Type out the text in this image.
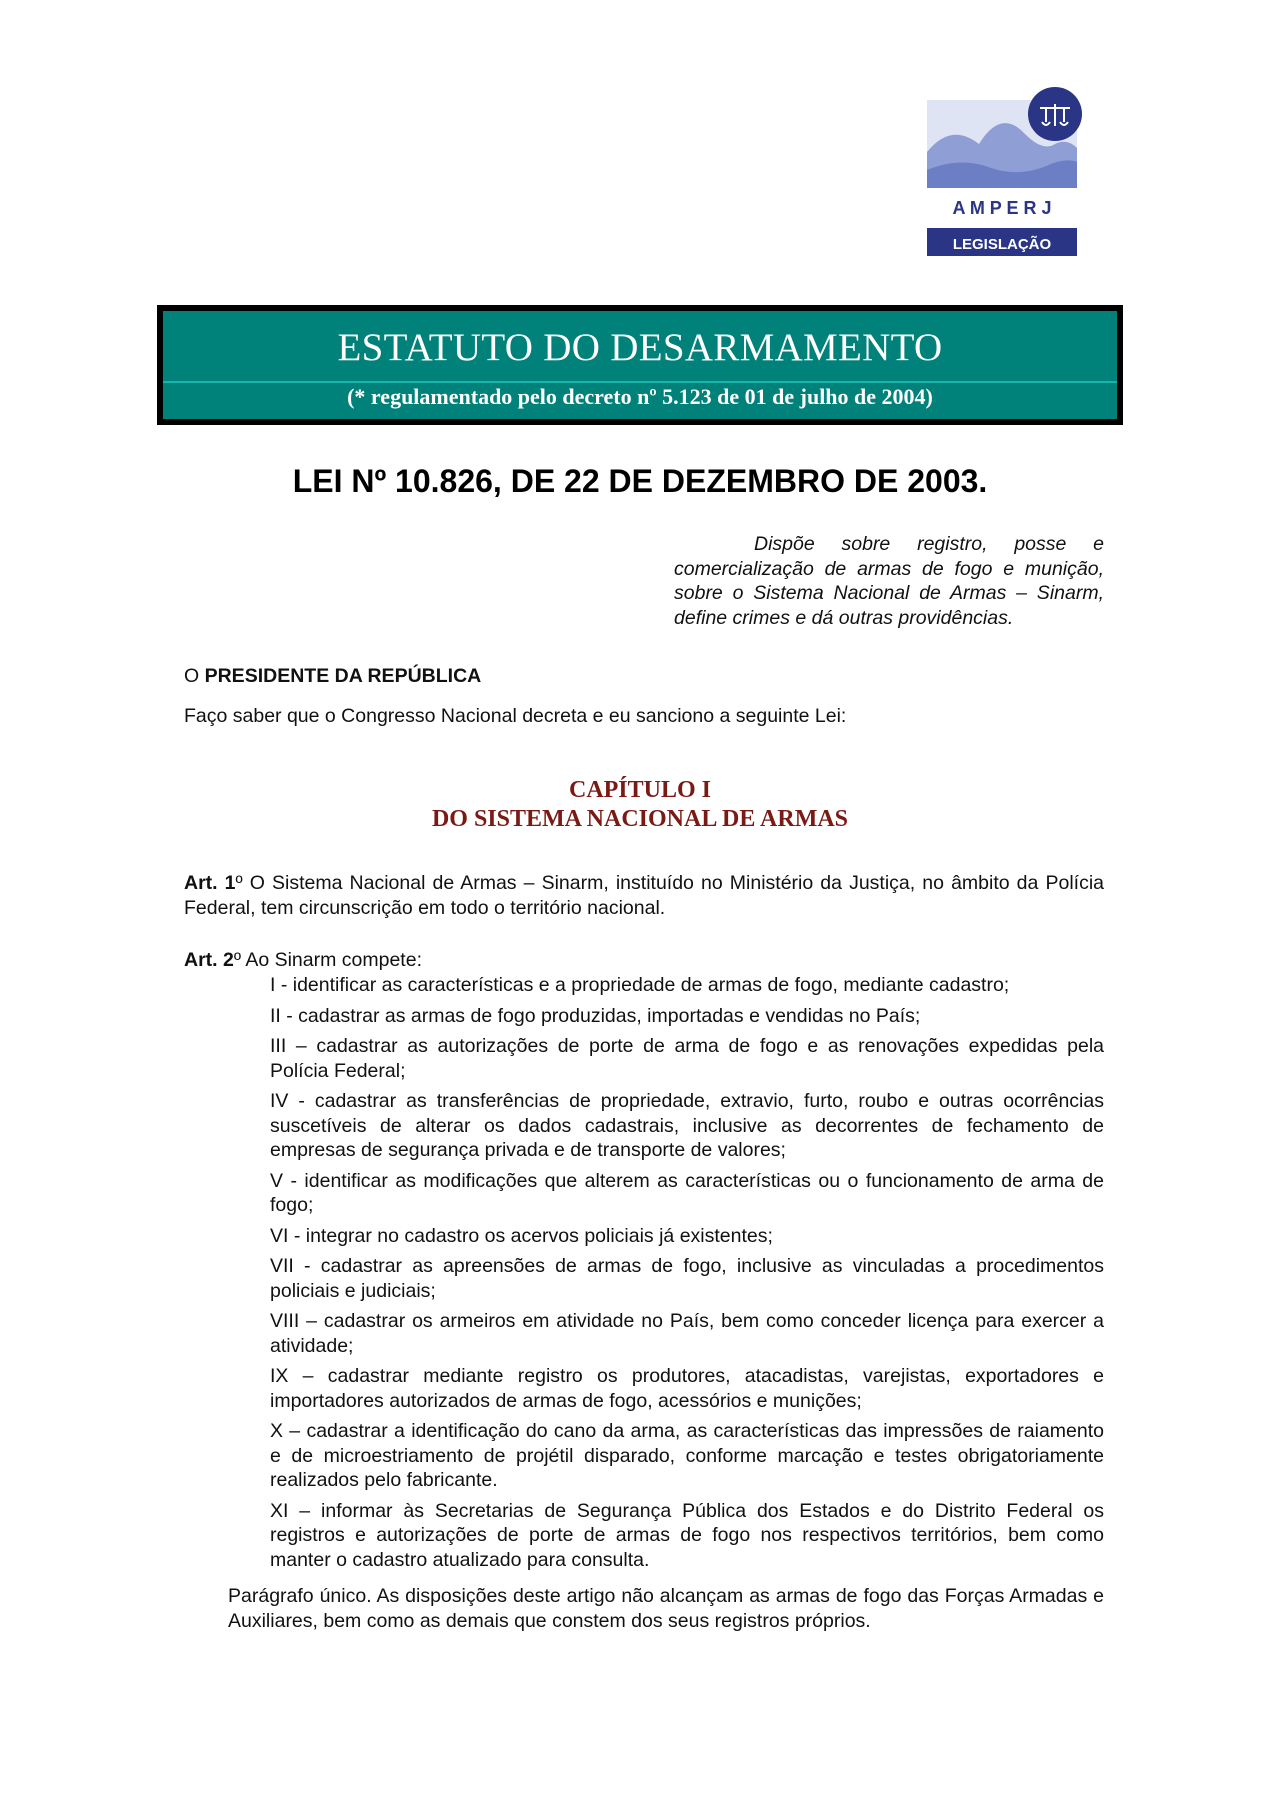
A M P E R J
LEGISLAÇÃO
ESTATUTO DO DESARMAMENTO
(* regulamentado pelo decreto nº 5.123 de 01 de julho de 2004)
LEI Nº 10.826, DE 22 DE DEZEMBRO DE 2003.
Dispõe sobre registro, posse e comercialização de armas de fogo e munição, sobre o Sistema Nacional de Armas – Sinarm, define crimes e dá outras providências.
O PRESIDENTE DA REPÚBLICA
Faço saber que o Congresso Nacional decreta e eu sanciono a seguinte Lei:
CAPÍTULO I
DO SISTEMA NACIONAL DE ARMAS
Art. 1º O Sistema Nacional de Armas – Sinarm, instituído no Ministério da Justiça, no âmbito da Polícia Federal, tem circunscrição em todo o território nacional.
Art. 2º Ao Sinarm compete:
I - identificar as características e a propriedade de armas de fogo, mediante cadastro;
II - cadastrar as armas de fogo produzidas, importadas e vendidas no País;
III – cadastrar as autorizações de porte de arma de fogo e as renovações expedidas pela Polícia Federal;
IV - cadastrar as transferências de propriedade, extravio, furto, roubo e outras ocorrências suscetíveis de alterar os dados cadastrais, inclusive as decorrentes de fechamento de empresas de segurança privada e de transporte de valores;
V - identificar as modificações que alterem as características ou o funcionamento de arma de fogo;
VI - integrar no cadastro os acervos policiais já existentes;
VII - cadastrar as apreensões de armas de fogo, inclusive as vinculadas a procedimentos policiais e judiciais;
VIII – cadastrar os armeiros em atividade no País, bem como conceder licença para exercer a atividade;
IX – cadastrar mediante registro os produtores, atacadistas, varejistas, exportadores e importadores autorizados de armas de fogo, acessórios e munições;
X – cadastrar a identificação do cano da arma, as características das impressões de raiamento e de microestriamento de projétil disparado, conforme marcação e testes obrigatoriamente realizados pelo fabricante.
XI – informar às Secretarias de Segurança Pública dos Estados e do Distrito Federal os registros e autorizações de porte de armas de fogo nos respectivos territórios, bem como manter o cadastro atualizado para consulta.
Parágrafo único. As disposições deste artigo não alcançam as armas de fogo das Forças Armadas e Auxiliares, bem como as demais que constem dos seus registros próprios.
